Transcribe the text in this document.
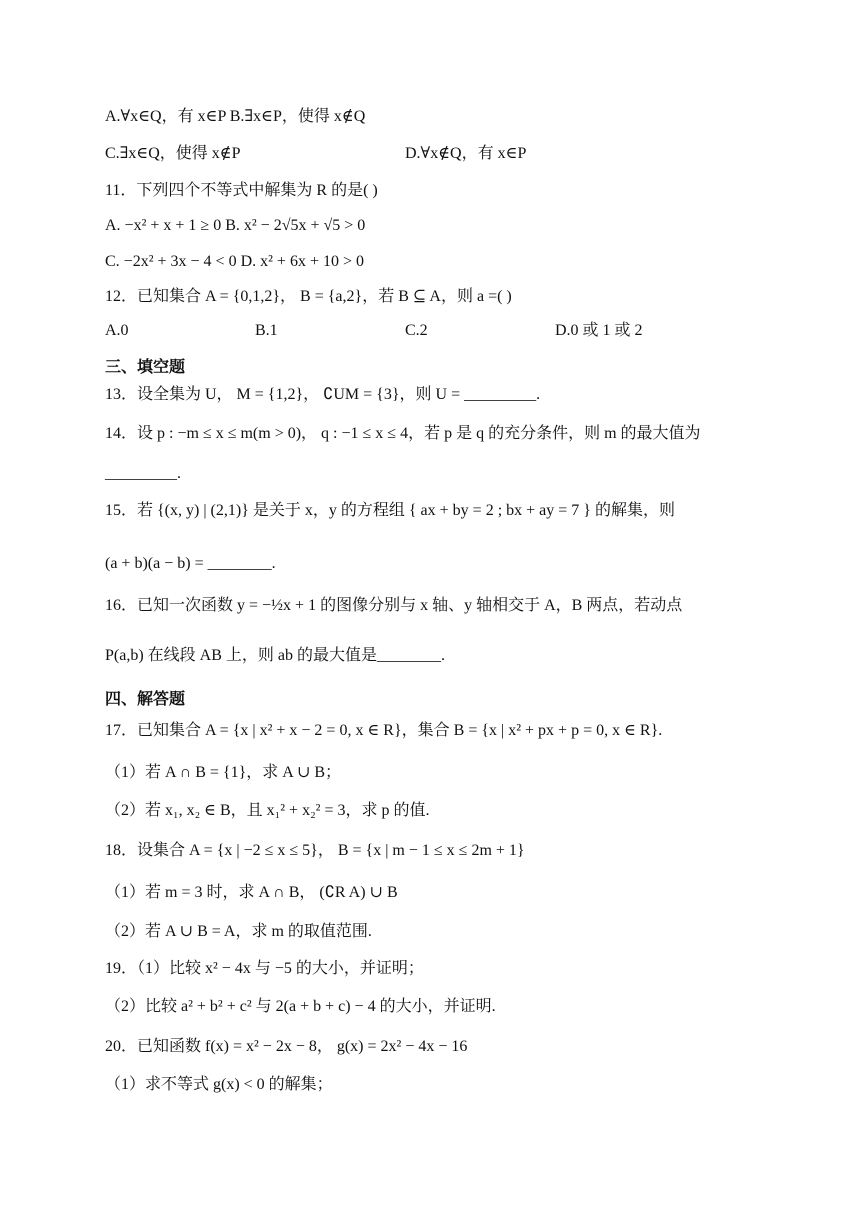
A.∀x∈Q，有 x∈P B.∃x∈P，使得 x∉Q
C.∃x∈Q，使得 x∉P	D.∀x∉Q，有 x∈P
11．下列四个不等式中解集为 R 的是( )
A. −x² + x + 1 ≥ 0 B. x² − 2√5x + √5 > 0
C. −2x² + 3x − 4 < 0 D. x² + 6x + 10 > 0
12．已知集合 A = {0,1,2}， B = {a,2}，若 B ⊆ A，则 a =( )
A.0	B.1	C.2	D.0 或 1 或 2
三、填空题
13．设全集为 U， M = {1,2}， ∁UM = {3}，则 U = _________.
14．设 p : −m ≤ x ≤ m(m > 0)， q : −1 ≤ x ≤ 4，若 p 是 q 的充分条件，则 m 的最大值为
_________.
15．若 {(x, y) | (2,1)} 是关于 x，y 的方程组 { ax + by = 2 ; bx + ay = 7 } 的解集，则
(a + b)(a − b) = ________.
16．已知一次函数 y = −½x + 1 的图像分别与 x 轴、y 轴相交于 A，B 两点，若动点
P(a,b) 在线段 AB 上，则 ab 的最大值是________.
四、解答题
17．已知集合 A = {x | x² + x − 2 = 0, x ∈ R}，集合 B = {x | x² + px + p = 0, x ∈ R}.
（1）若 A ∩ B = {1}，求 A ∪ B；
（2）若 x₁, x₂ ∈ B，且 x₁² + x₂² = 3，求 p 的值.
18．设集合 A = {x | −2 ≤ x ≤ 5}， B = {x | m − 1 ≤ x ≤ 2m + 1}
（1）若 m = 3 时，求 A ∩ B， (∁R A) ∪ B
（2）若 A ∪ B = A，求 m 的取值范围.
19．（1）比较 x² − 4x 与 −5 的大小，并证明；
（2）比较 a² + b² + c² 与 2(a + b + c) − 4 的大小，并证明.
20．已知函数 f(x) = x² − 2x − 8， g(x) = 2x² − 4x − 16
（1）求不等式 g(x) < 0 的解集；
